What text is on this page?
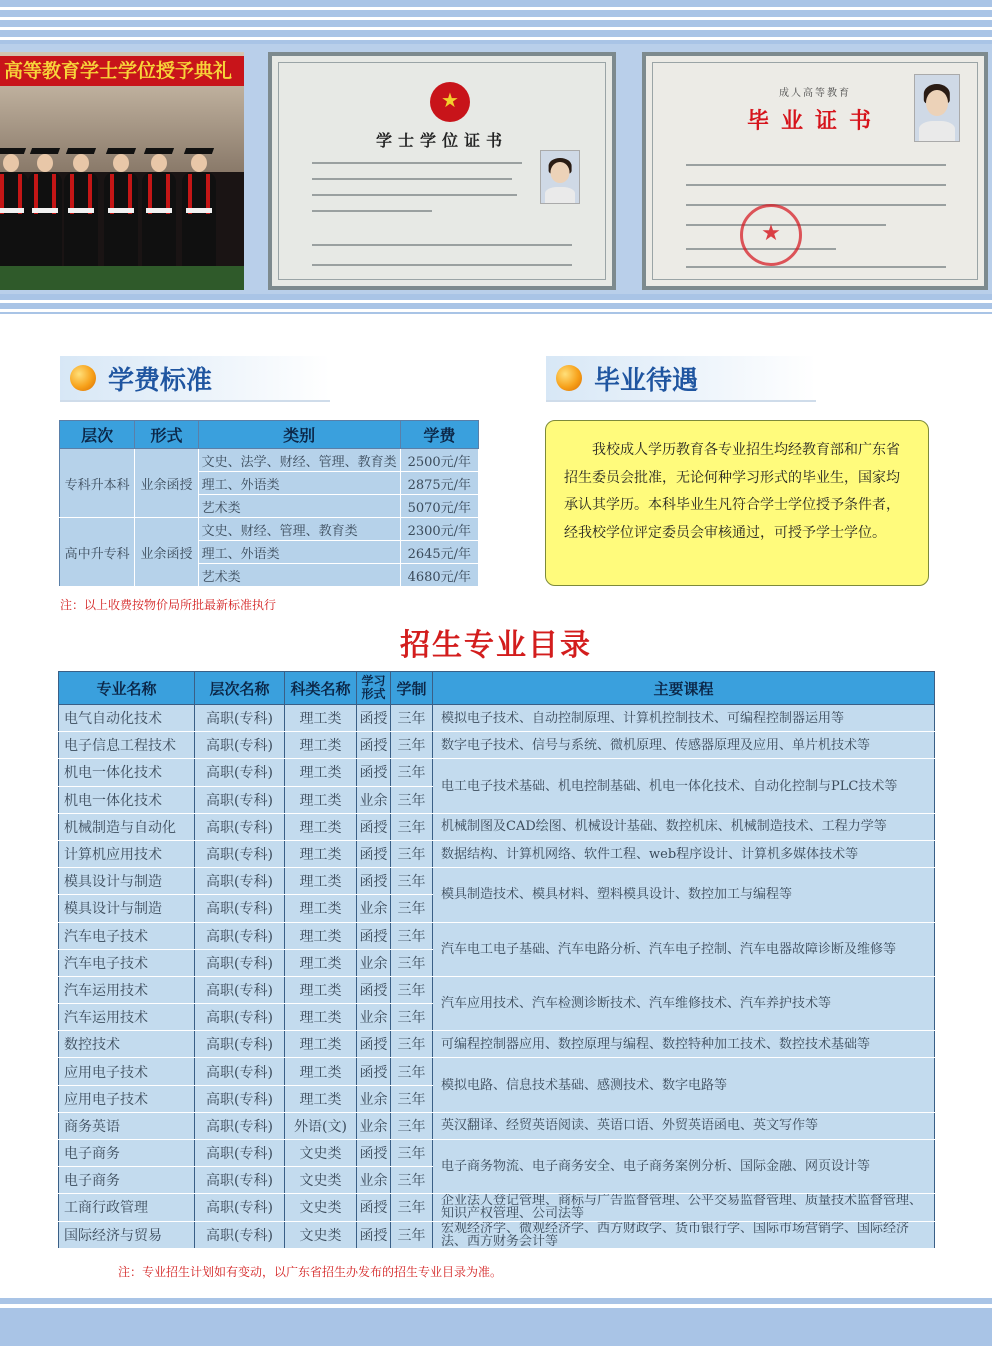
高等教育学士学位授予典礼
★
学士学位证书
成人高等教育
毕业证书
★
学费标准	毕业待遇
层次	形式	类别	学费
专科升本科	业余函授	文史、法学、财经、管理、教育类	2500元/年
		理工、外语类	2875元/年
		艺术类	5070元/年
高中升专科	业余函授	文史、财经、管理、教育类	2300元/年
		理工、外语类	2645元/年
		艺术类	4680元/年
注：以上收费按物价局所批最新标准执行
我校成人学历教育各专业招生均经教育部和广东省招生委员会批准，无论何种学习形式的毕业生，国家均承认其学历。本科毕业生凡符合学士学位授予条件者，经我校学位评定委员会审核通过，可授予学士学位。
招生专业目录
专业名称	层次名称	科类名称	学习形式	学制	主要课程
电气自动化技术	高职(专科)	理工类	函授	三年	模拟电子技术、自动控制原理、计算机控制技术、可编程控制器运用等
电子信息工程技术	高职(专科)	理工类	函授	三年	数字电子技术、信号与系统、微机原理、传感器原理及应用、单片机技术等
机电一体化技术	高职(专科)	理工类	函授	三年	电工电子技术基础、机电控制基础、机电一体化技术、自动化控制与PLC技术等
机电一体化技术	高职(专科)	理工类	业余	三年	
机械制造与自动化	高职(专科)	理工类	函授	三年	机械制图及CAD绘图、机械设计基础、数控机床、机械制造技术、工程力学等
计算机应用技术	高职(专科)	理工类	函授	三年	数据结构、计算机网络、软件工程、web程序设计、计算机多媒体技术等
模具设计与制造	高职(专科)	理工类	函授	三年	模具制造技术、模具材料、塑料模具设计、数控加工与编程等
模具设计与制造	高职(专科)	理工类	业余	三年	
汽车电子技术	高职(专科)	理工类	函授	三年	汽车电工电子基础、汽车电路分析、汽车电子控制、汽车电器故障诊断及维修等
汽车电子技术	高职(专科)	理工类	业余	三年	
汽车运用技术	高职(专科)	理工类	函授	三年	汽车应用技术、汽车检测诊断技术、汽车维修技术、汽车养护技术等
汽车运用技术	高职(专科)	理工类	业余	三年	
数控技术	高职(专科)	理工类	函授	三年	可编程控制器应用、数控原理与编程、数控特种加工技术、数控技术基础等
应用电子技术	高职(专科)	理工类	函授	三年	模拟电路、信息技术基础、感测技术、数字电路等
应用电子技术	高职(专科)	理工类	业余	三年	
商务英语	高职(专科)	外语(文)	业余	三年	英汉翻译、经贸英语阅读、英语口语、外贸英语函电、英文写作等
电子商务	高职(专科)	文史类	函授	三年	电子商务物流、电子商务安全、电子商务案例分析、国际金融、网页设计等
电子商务	高职(专科)	文史类	业余	三年	
工商行政管理	高职(专科)	文史类	函授	三年	企业法人登记管理、商标与广告监督管理、公平交易监督管理、质量技术监督管理、知识产权管理、公司法等
国际经济与贸易	高职(专科)	文史类	函授	三年	宏观经济学、微观经济学、西方财政学、货币银行学、国际市场营销学、国际经济法、西方财务会计等
注：专业招生计划如有变动，以广东省招生办发布的招生专业目录为准。
